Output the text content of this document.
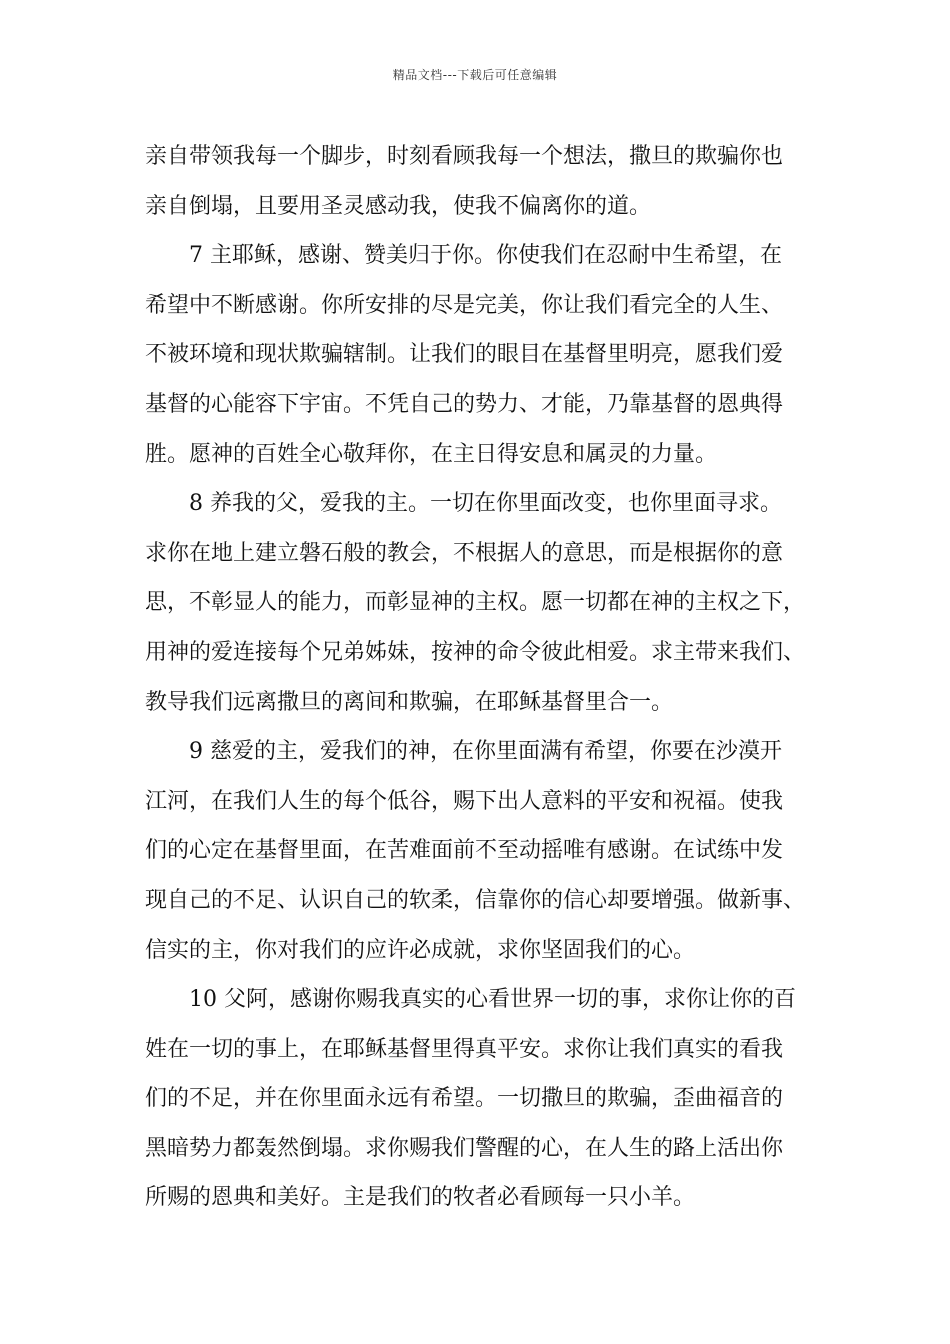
精品文档---下载后可任意编辑
亲自带领我每一个脚步，时刻看顾我每一个想法，撒旦的欺骗你也
亲自倒塌，且要用圣灵感动我，使我不偏离你的道。
7 主耶稣，感谢、赞美归于你。你使我们在忍耐中生希望，在
希望中不断感谢。你所安排的尽是完美，你让我们看完全的人生、
不被环境和现状欺骗辖制。让我们的眼目在基督里明亮，愿我们爱
基督的心能容下宇宙。不凭自己的势力、才能，乃靠基督的恩典得
胜。愿神的百姓全心敬拜你，在主日得安息和属灵的力量。
8 养我的父，爱我的主。一切在你里面改变，也你里面寻求。
求你在地上建立磐石般的教会，不根据人的意思，而是根据你的意
思，不彰显人的能力，而彰显神的主权。愿一切都在神的主权之下，
用神的爱连接每个兄弟姊妹，按神的命令彼此相爱。求主带来我们、
教导我们远离撒旦的离间和欺骗，在耶稣基督里合一。
9 慈爱的主，爱我们的神，在你里面满有希望，你要在沙漠开
江河，在我们人生的每个低谷，赐下出人意料的平安和祝福。使我
们的心定在基督里面，在苦难面前不至动摇唯有感谢。在试练中发
现自己的不足、认识自己的软柔，信靠你的信心却要增强。做新事、
信实的主，你对我们的应许必成就，求你坚固我们的心。
10 父阿，感谢你赐我真实的心看世界一切的事，求你让你的百
姓在一切的事上，在耶稣基督里得真平安。求你让我们真实的看我
们的不足，并在你里面永远有希望。一切撒旦的欺骗，歪曲福音的
黑暗势力都轰然倒塌。求你赐我们警醒的心，在人生的路上活出你
所赐的恩典和美好。主是我们的牧者必看顾每一只小羊。
